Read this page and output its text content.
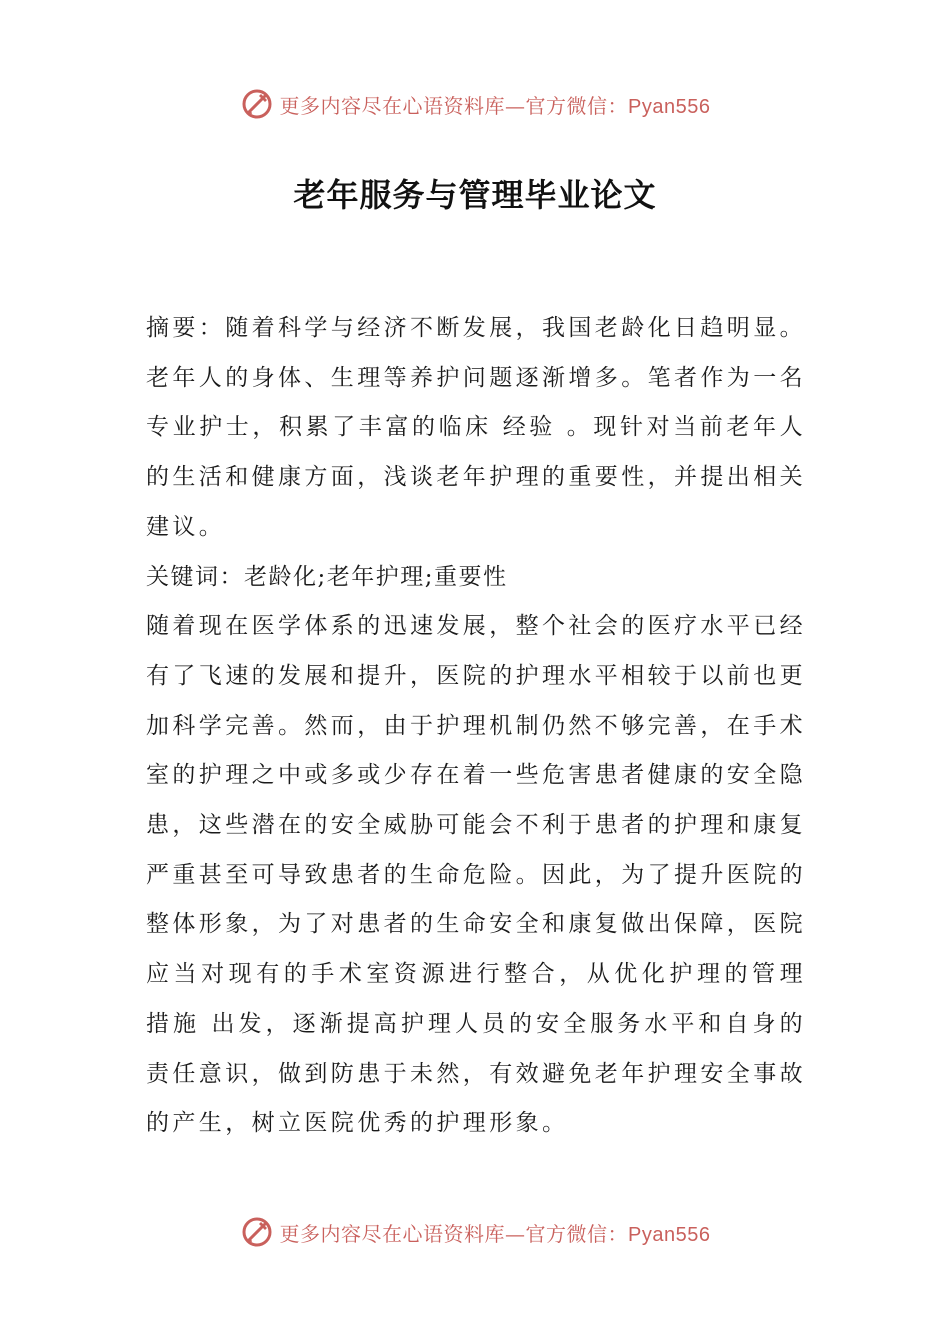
更多内容尽在心语资料库—官方微信：Pyan556
老年服务与管理毕业论文

摘要：随着科学与经济不断发展，我国老龄化日趋明显。老年人的身体、生理等养护问题逐渐增多。笔者作为一名专业护士，积累了丰富的临床 经验 。现针对当前老年人的生活和健康方面，浅谈老年护理的重要性，并提出相关建议。

关键词：老龄化;老年护理;重要性

随着现在医学体系的迅速发展，整个社会的医疗水平已经有了飞速的发展和提升，医院的护理水平相较于以前也更加科学完善。然而，由于护理机制仍然不够完善，在手术室的护理之中或多或少存在着一些危害患者健康的安全隐患，这些潜在的安全威胁可能会不利于患者的护理和康复严重甚至可导致患者的生命危险。因此，为了提升医院的整体形象，为了对患者的生命安全和康复做出保障，医院应当对现有的手术室资源进行整合，从优化护理的管理 措施 出发，逐渐提高护理人员的安全服务水平和自身的责任意识，做到防患于未然，有效避免老年护理安全事故的产生，树立医院优秀的护理形象。

更多内容尽在心语资料库—官方微信：Pyan556
